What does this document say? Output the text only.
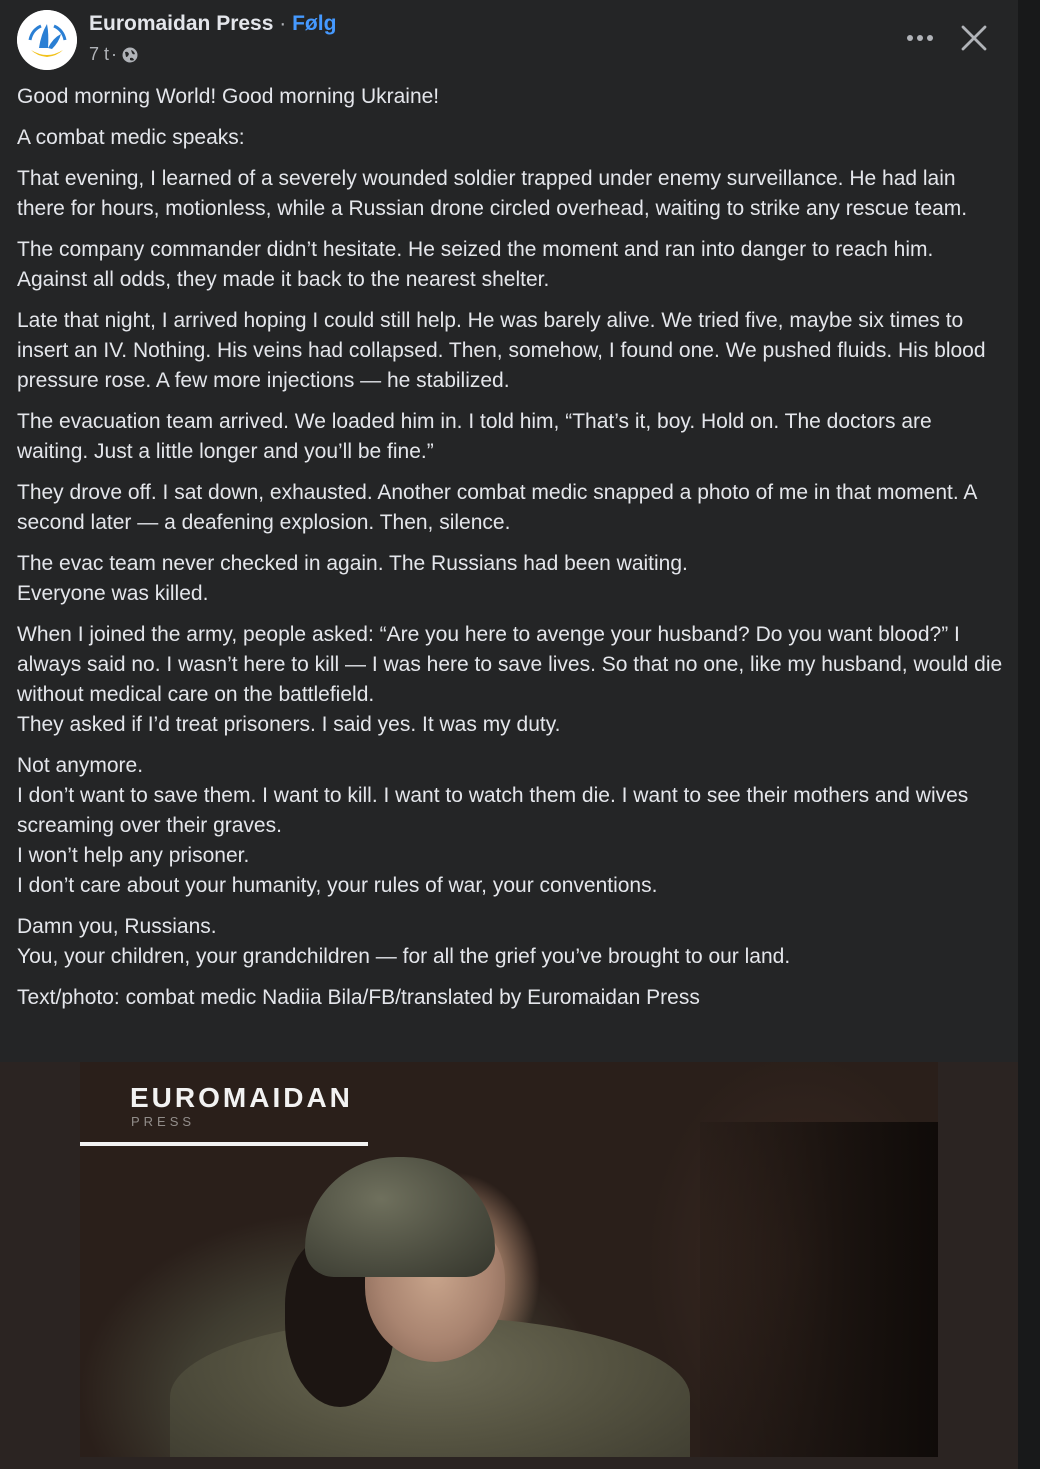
Euromaidan Press · Følg
7 t ·
Good morning World! Good morning Ukraine!
A combat medic speaks:
That evening, I learned of a severely wounded soldier trapped under enemy surveillance. He had lain there for hours, motionless, while a Russian drone circled overhead, waiting to strike any rescue team.
The company commander didn’t hesitate. He seized the moment and ran into danger to reach him. Against all odds, they made it back to the nearest shelter.
Late that night, I arrived hoping I could still help. He was barely alive. We tried five, maybe six times to insert an IV. Nothing. His veins had collapsed. Then, somehow, I found one. We pushed fluids. His blood pressure rose. A few more injections — he stabilized.
The evacuation team arrived. We loaded him in. I told him, “That’s it, boy. Hold on. The doctors are waiting. Just a little longer and you’ll be fine.”
They drove off. I sat down, exhausted. Another combat medic snapped a photo of me in that moment. A second later — a deafening explosion. Then, silence.
The evac team never checked in again. The Russians had been waiting.
Everyone was killed.
When I joined the army, people asked: “Are you here to avenge your husband? Do you want blood?” I always said no. I wasn’t here to kill — I was here to save lives. So that no one, like my husband, would die without medical care on the battlefield.
They asked if I’d treat prisoners. I said yes. It was my duty.
Not anymore.
I don’t want to save them. I want to kill. I want to watch them die. I want to see their mothers and wives screaming over their graves.
I won’t help any prisoner.
I don’t care about your humanity, your rules of war, your conventions.
Damn you, Russians.
You, your children, your grandchildren — for all the grief you’ve brought to our land.
Text/photo: combat medic Nadiia Bila/FB/translated by Euromaidan Press
EUROMAIDAN
PRESS
